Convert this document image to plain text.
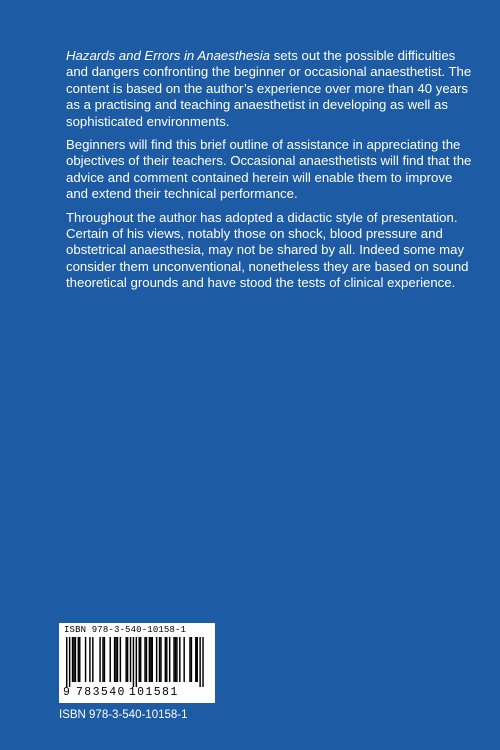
Hazards and Errors in Anaesthesia sets out the possible difficulties and dangers confronting the beginner or occasional anaesthetist. The content is based on the author’s experience over more than 40 years as a practising and teaching anaesthetist in developing as well as sophisticated environments.

Beginners will find this brief outline of assistance in appreciating the objectives of their teachers. Occasional anaesthetists will find that the advice and comment contained herein will enable them to improve and extend their technical performance.

Throughout the author has adopted a didactic style of presentation. Certain of his views, notably those on shock, blood pressure and obstetrical anaesthesia, may not be shared by all. Indeed some may consider them unconventional, nonetheless they are based on sound theoretical grounds and have stood the tests of clinical experience.

ISBN 978-3-540-10158-1
9 783540 101581
ISBN 978-3-540-10158-1
